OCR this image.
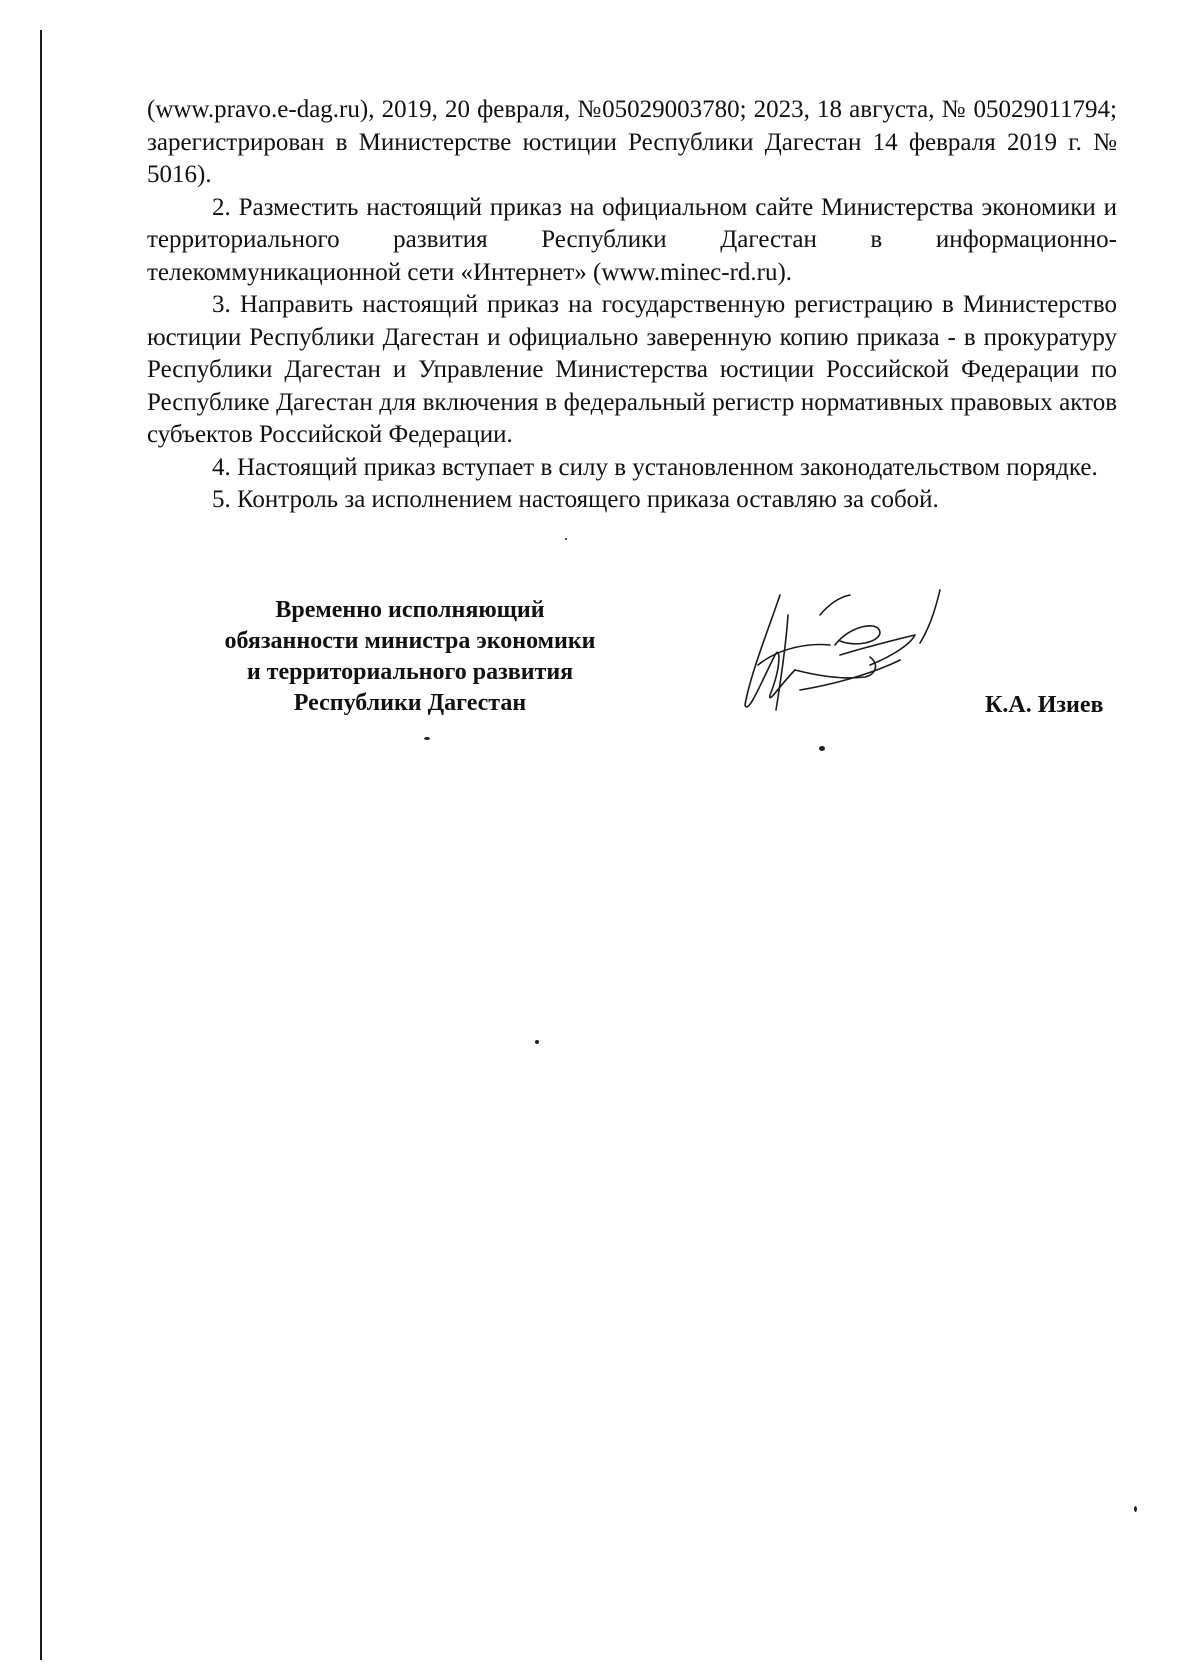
(www.pravo.e-dag.ru), 2019, 20 февраля, №05029003780; 2023, 18 августа, № 05029011794; зарегистрирован в Министерстве юстиции Республики Дагестан 14 февраля 2019 г. № 5016).

2. Разместить настоящий приказ на официальном сайте Министерства экономики и территориального развития Республики Дагестан в информационно-телекоммуникационной сети «Интернет» (www.minec-rd.ru).

3. Направить настоящий приказ на государственную регистрацию в Министерство юстиции Республики Дагестан и официально заверенную копию приказа - в прокуратуру Республики Дагестан и Управление Министерства юстиции Российской Федерации по Республике Дагестан для включения в федеральный регистр нормативных правовых актов субъектов Российской Федерации.

4. Настоящий приказ вступает в силу в установленном законодательством порядке.

5. Контроль за исполнением настоящего приказа оставляю за собой.

Временно исполняющий
обязанности министра экономики
и территориального развития
Республики Дагестан	К.А. Изиев
